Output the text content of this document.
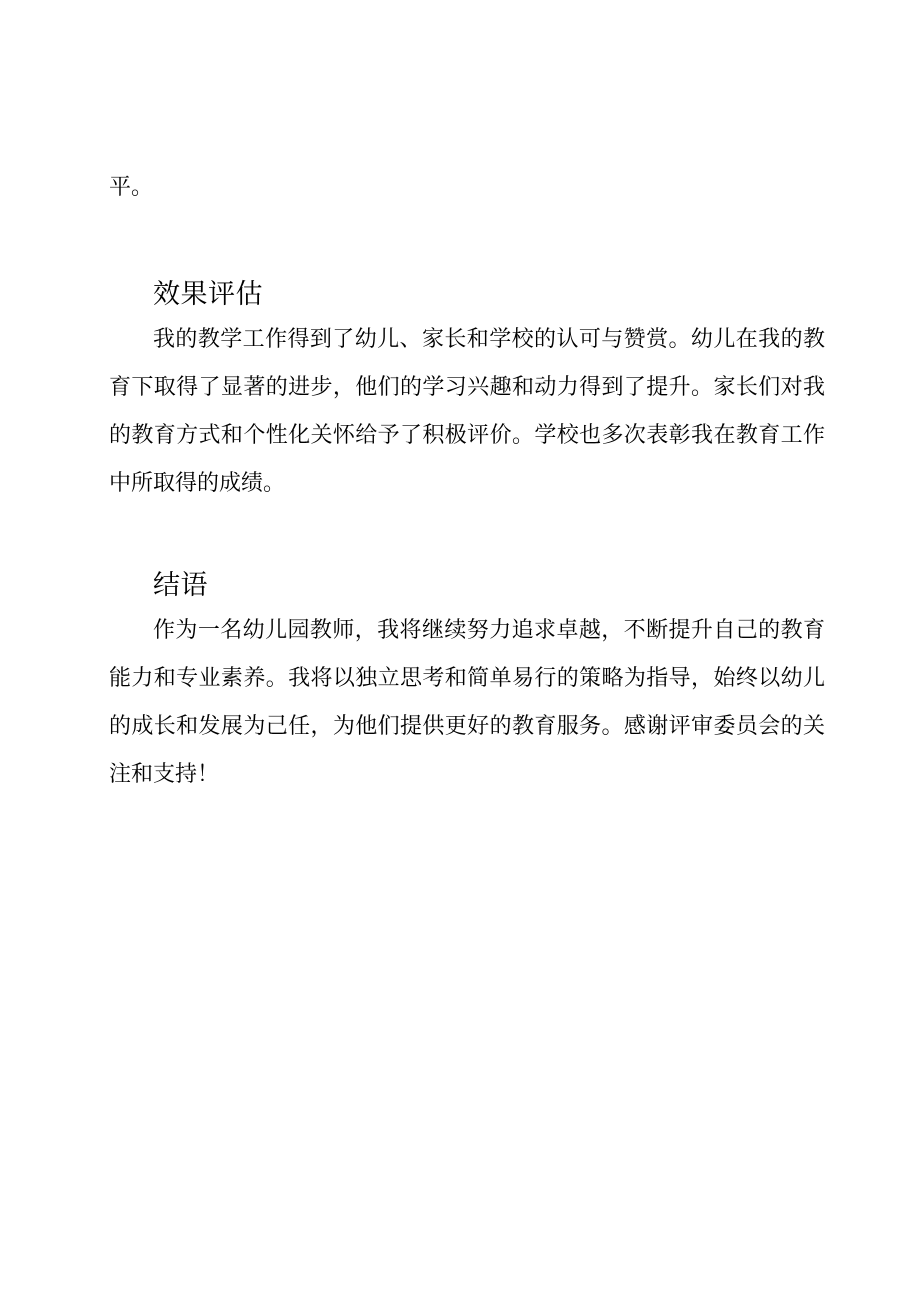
平。

效果评估

我的教学工作得到了幼儿、家长和学校的认可与赞赏。幼儿在我的教育下取得了显著的进步，他们的学习兴趣和动力得到了提升。家长们对我的教育方式和个性化关怀给予了积极评价。学校也多次表彰我在教育工作中所取得的成绩。

结语

作为一名幼儿园教师，我将继续努力追求卓越，不断提升自己的教育能力和专业素养。我将以独立思考和简单易行的策略为指导，始终以幼儿的成长和发展为己任，为他们提供更好的教育服务。感谢评审委员会的关注和支持！
